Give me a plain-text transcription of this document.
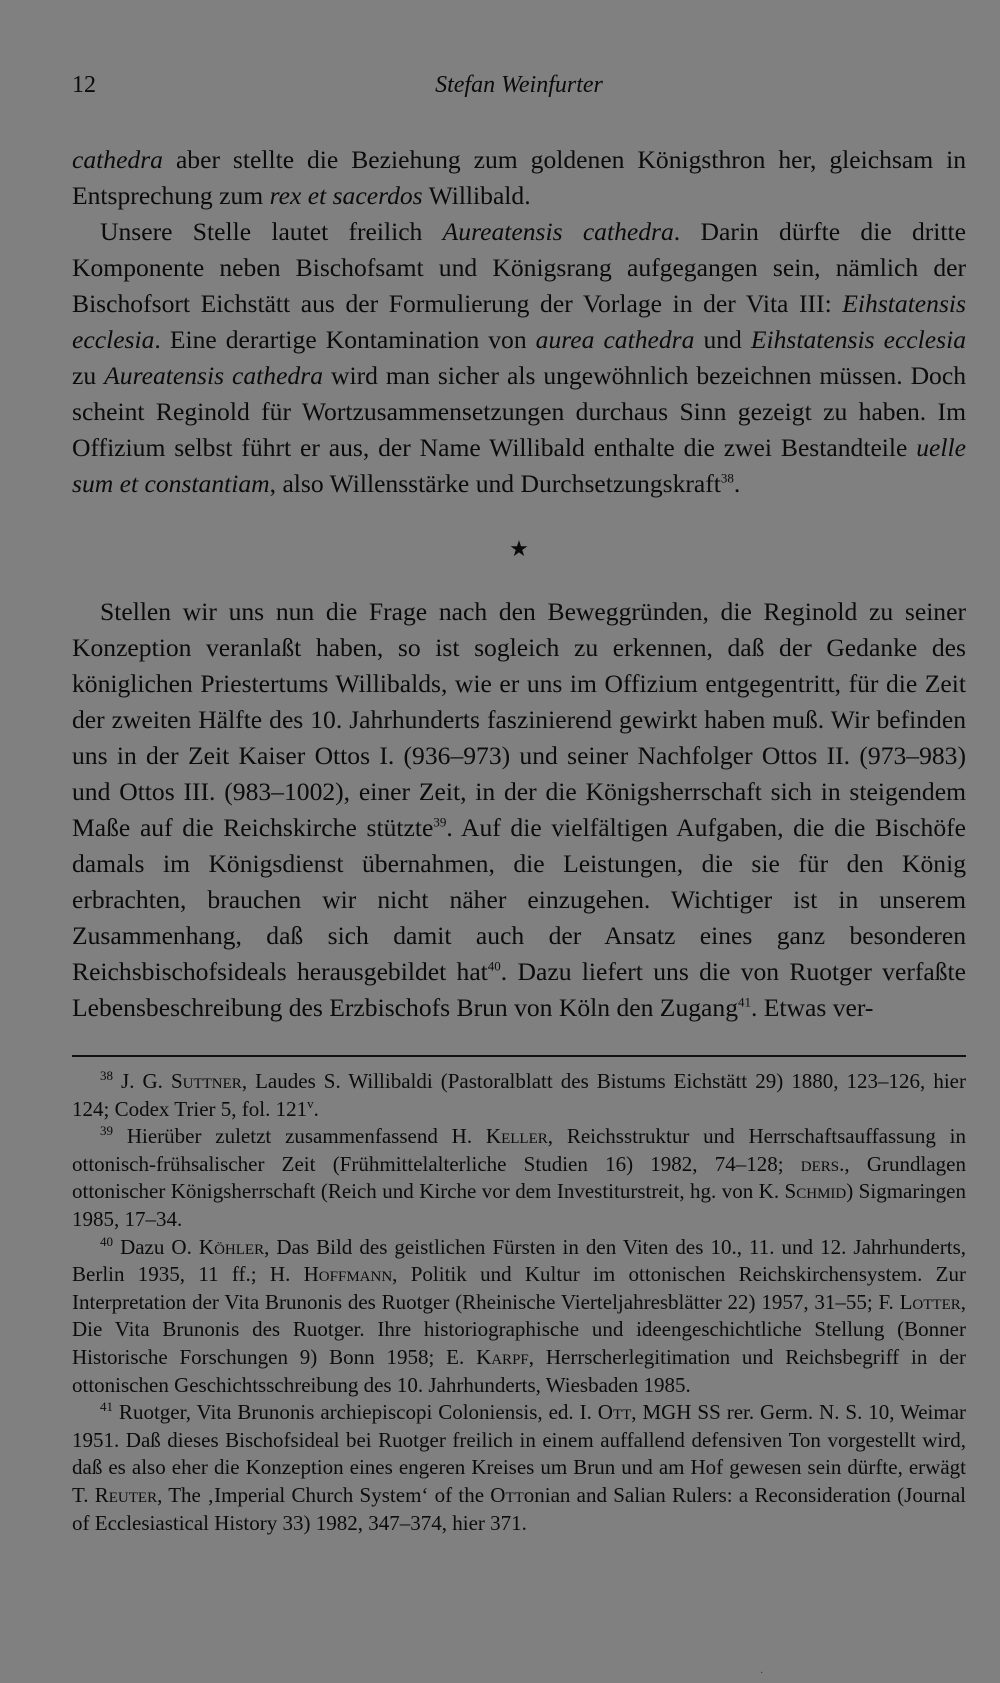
12	Stefan Weinfurter

cathedra aber stellte die Beziehung zum goldenen Königsthron her, gleichsam in Entsprechung zum rex et sacerdos Willibald.

Unsere Stelle lautet freilich Aureatensis cathedra. Darin dürfte die dritte Komponente neben Bischofsamt und Königsrang aufgegangen sein, nämlich der Bischofsort Eichstätt aus der Formulierung der Vorlage in der Vita III: Eihstatensis ecclesia. Eine derartige Kontamination von aurea cathedra und Eihstatensis ecclesia zu Aureatensis cathedra wird man sicher als ungewöhnlich bezeichnen müssen. Doch scheint Reginold für Wortzusammensetzungen durchaus Sinn gezeigt zu haben. Im Offizium selbst führt er aus, der Name Willibald enthalte die zwei Bestandteile uelle sum et constantiam, also Willensstärke und Durchsetzungskraft$^{38}$.

★

Stellen wir uns nun die Frage nach den Beweggründen, die Reginold zu seiner Konzeption veranlaßt haben, so ist sogleich zu erkennen, daß der Gedanke des königlichen Priestertums Willibalds, wie er uns im Offizium entgegentritt, für die Zeit der zweiten Hälfte des 10. Jahrhunderts faszinierend gewirkt haben muß. Wir befinden uns in der Zeit Kaiser Ottos I. (936–973) und seiner Nachfolger Ottos II. (973–983) und Ottos III. (983–1002), einer Zeit, in der die Königsherrschaft sich in steigendem Maße auf die Reichskirche stützte$^{39}$. Auf die vielfältigen Aufgaben, die die Bischöfe damals im Königsdienst übernahmen, die Leistungen, die sie für den König erbrachten, brauchen wir nicht näher einzugehen. Wichtiger ist in unserem Zusammenhang, daß sich damit auch der Ansatz eines ganz besonderen Reichsbischofsideals herausgebildet hat$^{40}$. Dazu liefert uns die von Ruotger verfaßte Lebensbeschreibung des Erzbischofs Brun von Köln den Zugang$^{41}$. Etwas ver-

$^{38}$ J. G. Suttner, Laudes S. Willibaldi (Pastoralblatt des Bistums Eichstätt 29) 1880, 123–126, hier 124; Codex Trier 5, fol. 121$^v$.

$^{39}$ Hierüber zuletzt zusammenfassend H. Keller, Reichsstruktur und Herrschaftsauffassung in ottonisch-frühsalischer Zeit (Frühmittelalterliche Studien 16) 1982, 74–128; ders., Grundlagen ottonischer Königsherrschaft (Reich und Kirche vor dem Investiturstreit, hg. von K. Schmid) Sigmaringen 1985, 17–34.

$^{40}$ Dazu O. Köhler, Das Bild des geistlichen Fürsten in den Viten des 10., 11. und 12. Jahrhunderts, Berlin 1935, 11 ff.; H. Hoffmann, Politik und Kultur im ottonischen Reichskirchensystem. Zur Interpretation der Vita Brunonis des Ruotger (Rheinische Vierteljahresblätter 22) 1957, 31–55; F. Lotter, Die Vita Brunonis des Ruotger. Ihre historiographische und ideengeschichtliche Stellung (Bonner Historische Forschungen 9) Bonn 1958; E. Karpf, Herrscherlegitimation und Reichsbegriff in der ottonischen Geschichtsschreibung des 10. Jahrhunderts, Wiesbaden 1985.

$^{41}$ Ruotger, Vita Brunonis archiepiscopi Coloniensis, ed. I. Ott, MGH SS rer. Germ. N. S. 10, Weimar 1951. Daß dieses Bischofsideal bei Ruotger freilich in einem auffallend defensiven Ton vorgestellt wird, daß es also eher die Konzeption eines engeren Kreises um Brun und am Hof gewesen sein dürfte, erwägt T. Reuter, The ‚Imperial Church System‘ of the Ottonian and Salian Rulers: a Reconsideration (Journal of Ecclesiastical History 33) 1982, 347–374, hier 371.

·
